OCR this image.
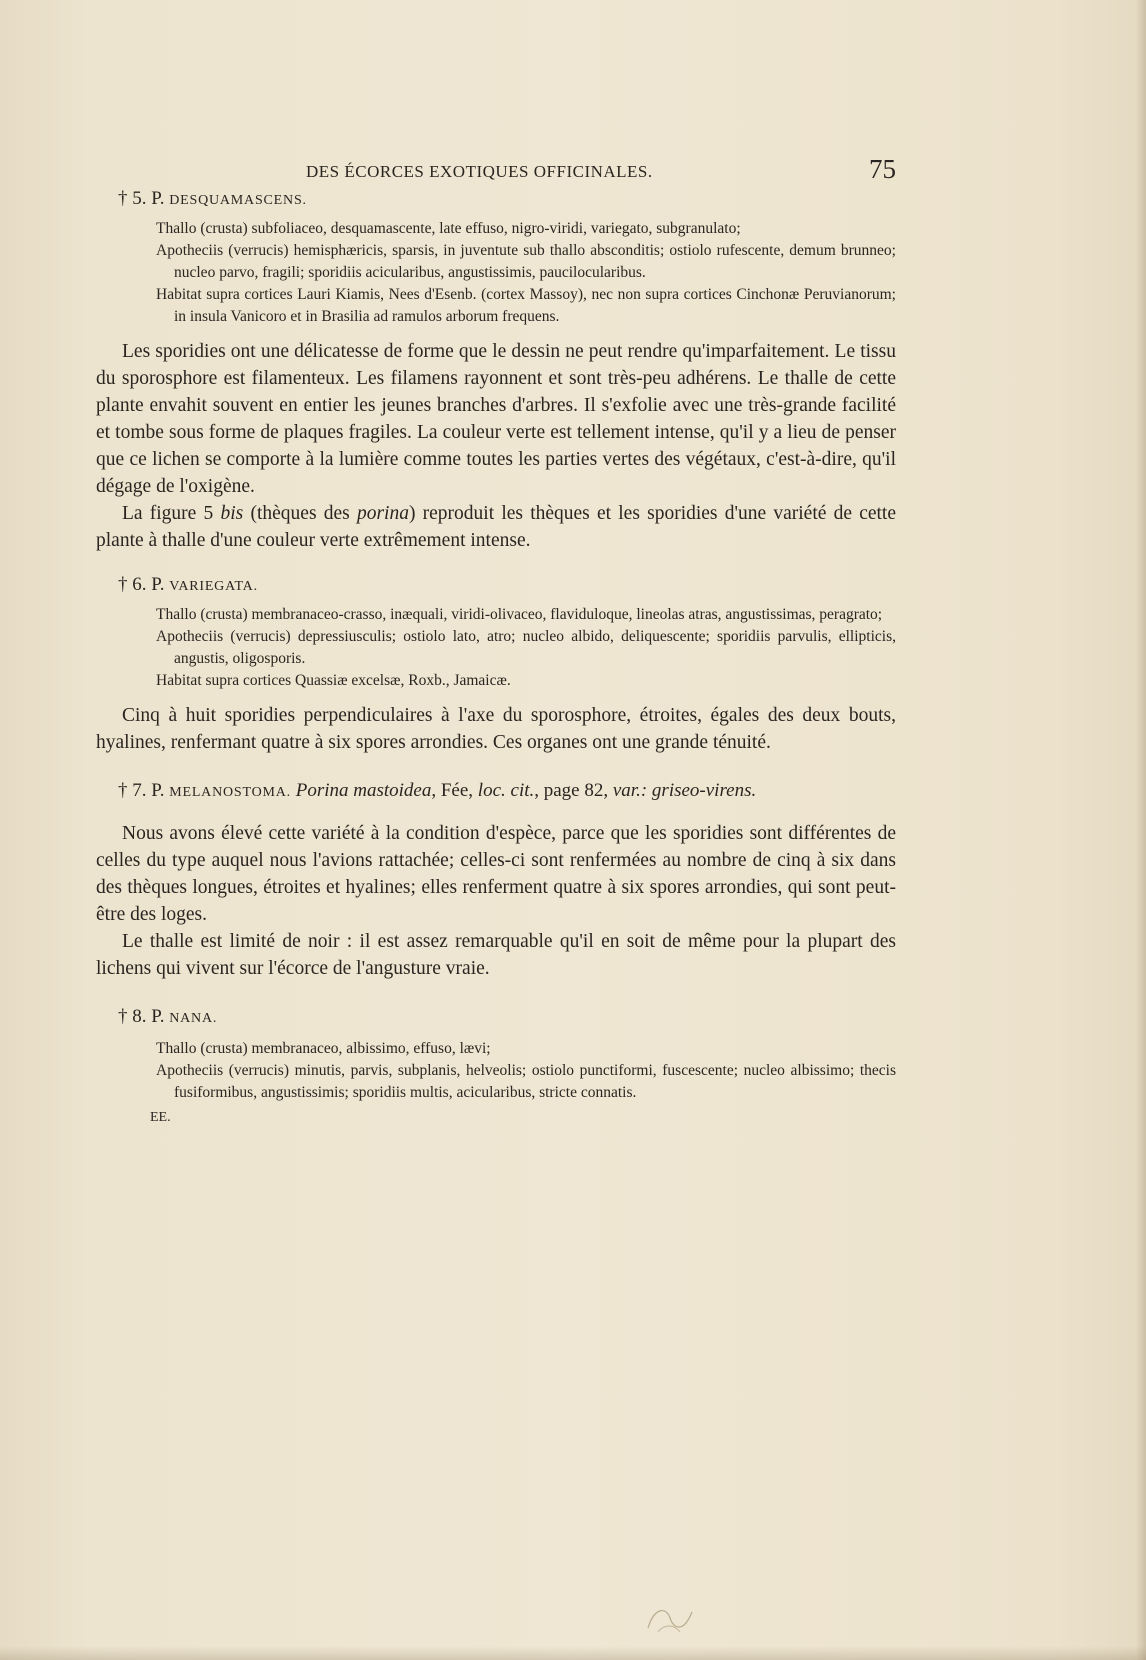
DES ÉCORCES EXOTIQUES OFFICINALES.	75

† 5. P. DESQUAMASCENS.

Thallo (crusta) subfoliaceo, desquamascente, late effuso, nigro-viridi, variegato, subgranulato;

Apotheciis (verrucis) hemisphæricis, sparsis, in juventute sub thallo absconditis; ostiolo rufescente, demum brunneo; nucleo parvo, fragili; sporidiis acicularibus, angustissimis, paucilocularibus.

Habitat supra cortices Lauri Kiamis, Nees d'Esenb. (cortex Massoy), nec non supra cortices Cinchonæ Peruvianorum; in insula Vanicoro et in Brasilia ad ramulos arborum frequens.

Les sporidies ont une délicatesse de forme que le dessin ne peut rendre qu'imparfaitement. Le tissu du sporosphore est filamenteux. Les filamens rayonnent et sont très-peu adhérens. Le thalle de cette plante envahit souvent en entier les jeunes branches d'arbres. Il s'exfolie avec une très-grande facilité et tombe sous forme de plaques fragiles. La couleur verte est tellement intense, qu'il y a lieu de penser que ce lichen se comporte à la lumière comme toutes les parties vertes des végétaux, c'est-à-dire, qu'il dégage de l'oxigène.

La figure 5 bis (thèques des porina) reproduit les thèques et les sporidies d'une variété de cette plante à thalle d'une couleur verte extrêmement intense.

† 6. P. VARIEGATA.

Thallo (crusta) membranaceo-crasso, inæquali, viridi-olivaceo, flaviduloque, lineolas atras, angustissimas, peragrato;

Apotheciis (verrucis) depressiusculis; ostiolo lato, atro; nucleo albido, deliquescente; sporidiis parvulis, ellipticis, angustis, oligosporis.

Habitat supra cortices Quassiæ excelsæ, Roxb., Jamaicæ.

Cinq à huit sporidies perpendiculaires à l'axe du sporosphore, étroites, égales des deux bouts, hyalines, renfermant quatre à six spores arrondies. Ces organes ont une grande ténuité.

† 7. P. MELANOSTOMA. Porina mastoidea, Fée, loc. cit., page 82, var.: griseo-virens.

Nous avons élevé cette variété à la condition d'espèce, parce que les sporidies sont différentes de celles du type auquel nous l'avions rattachée; celles-ci sont renfermées au nombre de cinq à six dans des thèques longues, étroites et hyalines; elles renferment quatre à six spores arrondies, qui sont peut-être des loges.

Le thalle est limité de noir : il est assez remarquable qu'il en soit de même pour la plupart des lichens qui vivent sur l'écorce de l'angusture vraie.

† 8. P. NANA.

Thallo (crusta) membranaceo, albissimo, effuso, lævi;

Apotheciis (verrucis) minutis, parvis, subplanis, helveolis; ostiolo punctiformi, fuscescente; nucleo albissimo; thecis fusiformibus, angustissimis; sporidiis multis, acicularibus, stricte connatis.

EE.
